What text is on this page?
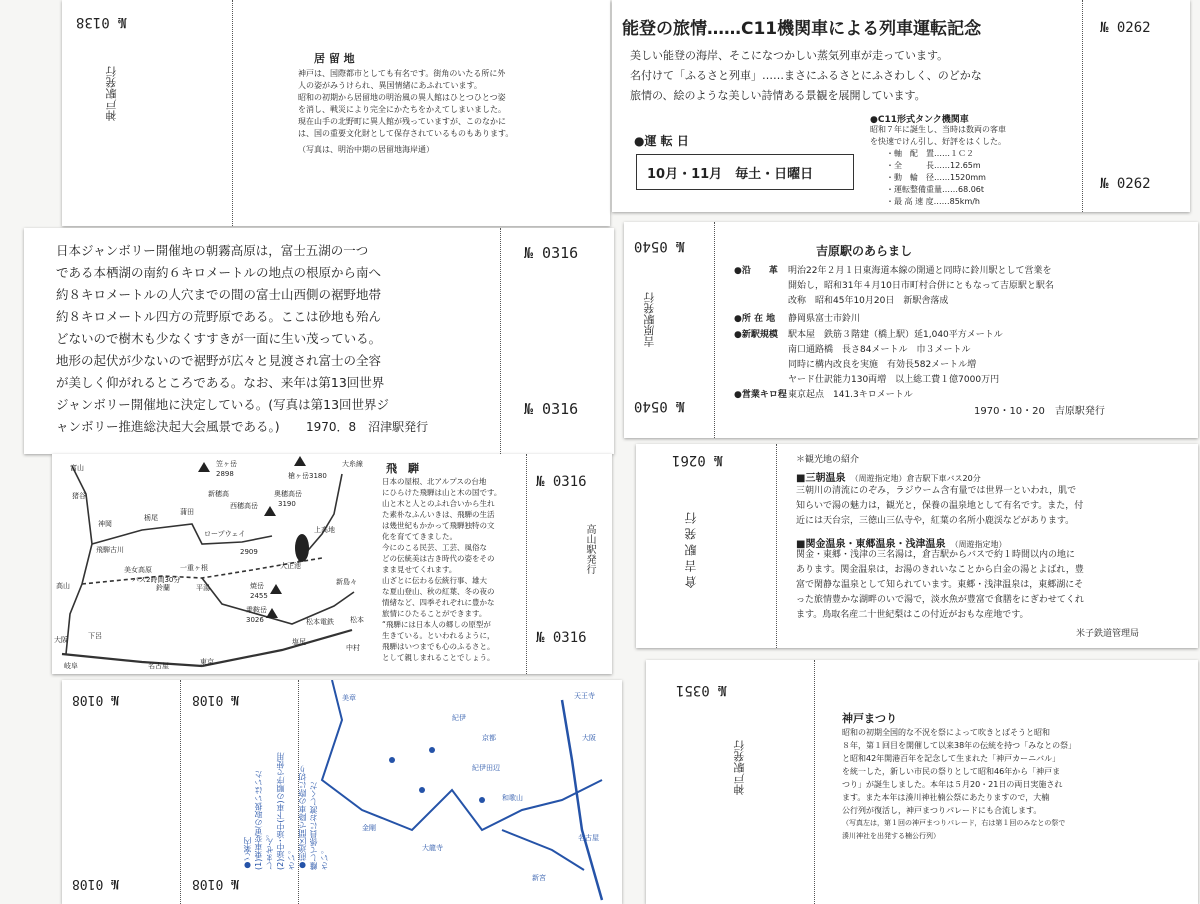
№ 0138
神戸駅発行
居 留 地
神戸は、国際都市としても有名です。街角のいたる所に外
人の姿がみうけられ、異国情緒にあふれています。
昭和の初期から居留地の明治風の異人館はひとつひとつ姿
を消し、戦災により完全にかたちをかえてしまいました。
現在山手の北野町に異人館が残っていますが、このなかに
は、国の重要文化財として保存されているものもあります。
（写真は、明治中期の居留地海岸通）
能登の旅情……C11機関車による列車運転記念
美しい能登の海岸、そこになつかしい蒸気列車が走っています。
名付けて「ふるさと列車」……まさにふるさとにふさわしく、のどかな
旅情の、絵のような美しい詩情ある景観を展開しています。
●運 転 日
10月・11月　毎土・日曜日
●C11形式タンク機関車
昭和７年に誕生し、当時は数両の客車
を快速でけん引し、好評をはくした。
・軸　配　置……１Ｃ２
・全　　　長……12.65m
・動　輪　径……1520mm
・運転整備重量……68.06t
・最 高 速 度……85km/h
№ 0262
№ 0262
日本ジャンボリー開催地の朝霧高原は，富士五湖の一つ
である本栖湖の南約６キロメートルの地点の根原から南へ
約８キロメートルの人穴までの間の富士山西側の裾野地帯
約８キロメートル四方の荒野原である。ここは砂地も殆ん
どないので樹木も少なくすすきが一面に生い茂っている。
地形の起伏が少ないので裾野が広々と見渡され富士の全容
が美しく仰がれるところである。なお、来年は第13回世界
ジャンボリー開催地に決定している。(写真は第13回世界ジ
ャンボリー推進総決起大会風景である。)	1970．8　沼津駅発行
№ 0316
№ 0316
№ 0540
吉原駅発行
№ 0540
吉原駅のあらまし
●沿　　革 明治22年２月１日東海道本線の開通と同時に鈴川駅として営業を
開始し，昭和31年４月10日市町村合併にともなって吉原駅と駅名
改称　昭和45年10月20日　新駅舎落成
●所 在 地 静岡県富士市鈴川
●新駅規模 駅本屋　鉄筋３階建（橋上駅）延1,040平方メートル
南口通路橋　長さ84メートル　巾３メートル
同時に構内改良を実施　有効長582メートル増
ヤード仕訳能力130両増　以上総工費１億7000万円
●営業キロ程 東京起点　141.3キロメートル
1970・10・20　吉原駅発行
富山
猪谷
神岡
飛騨古川
高山
笠ヶ岳
2898	槍ヶ岳3180
新穂高
栃尾
蒲田
ロープウェイ
2909
奥穂高岳
3190
西穂高岳
上高地
大正池
一重ヶ根
平湯	焼岳
2455
乗鞍岳
3026
新島々
松本
中村
美女高原
鈴蘭
大糸線
バス2時間30分
下呂
名古屋
岐阜	東京
大阪
松本電鉄
塩尻
飛　騨
日本の屋根、北アルプスの台地
にひらけた飛騨は山と木の国です。
山と木と人とのふれ合いから生れ
た素朴なふんいきは、飛騨の生活
は幾世紀もかかって飛騨独特の文
化を育ててきました。
今にのこる民芸、工芸、風俗な
どの伝統美は古き時代の姿をその
まま見せてくれます。
山ざとに伝わる伝統行事、雄大
な夏山登山、秋の紅葉、冬の夜の
情緒など、四季それぞれに豊かな
旅情にひたることができます。
“飛騨には日本人の郷しの原型が
生きている。といわれるように，
飛騨はいつまでも心のふるさと。
として親しまれることでしょう。
№ 0316
高山駅発行
№ 0316
№ 0261
倉吉駅発行
＊観光地の紹介
■三朝温泉 （周遊指定地）倉吉駅下車バス20分
三朝川の清流にのぞみ，ラジウーム含有量では世界一といわれ，肌で
知らいで湯の魅力は，観光と，保養の温泉地として有名です。また，付
近には天台宗，三徳山三仏寺や，紅葉の名所小鹿渓などがあります。
■関金温泉・東郷温泉・浅津温泉 （周遊指定地）
関金・東郷・浅津の三名湯は，倉吉駅からバスで約１時間以内の地に
あります。関金温泉は，お湯のきれいなことから白金の湯とよばれ，豊
富で閑静な温泉として知られています。東郷・浅津温泉は，東郷湖にそ
った旅情豊かな湖畔のいで湯で，淡水魚が豊富で食膳をにぎわせてくれ
ます。鳥取名産二十世紀梨はこの付近がおもな産地です。
米子鉄道管理局
№ 0108	№ 0108
№ 0108	№ 0108
●ご案内 (1)乗車変更の取扱いはいた しません。 (2)途中･途中(下車)の順序で使用 さい。 ●前途区間で降車の際に切り 離して係員にお渡しくだ さい。
天王寺
美章
紀伊
京都
紀伊田辺
金剛
大龍寺
大阪
名古屋
新宮
和歌山
№ 0351
神戸駅発行
神戸まつり
昭和の初期全国的な不況を祭によって吹きとばそうと昭和
８年，第１回目を開催して以来38年の伝統を持つ「みなとの祭」
と昭和42年開港百年を記念して生まれた「神戸カーニバル」
を統一した，新しい市民の祭りとして昭和46年から「神戸ま
つり」が誕生しました。本年は５月20・21日の両日実施され
ます。また本年は湊川神社楠公祭にあたりますので，大楠
公行列が復活し，神戸まつりパレードにも合流します。
（写真左は，第１回の神戸まつりパレード，右は第１回のみなとの祭で
湊川神社を出発する楠公行列）
